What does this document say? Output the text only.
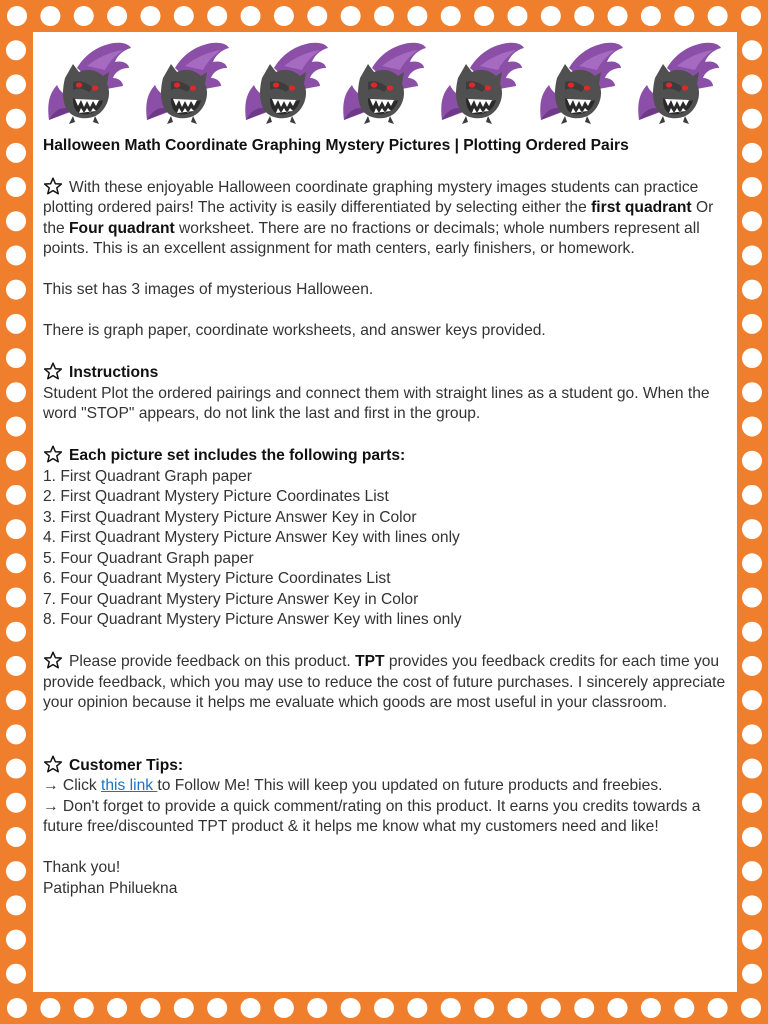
Halloween Math Coordinate Graphing Mystery Pictures | Plotting Ordered Pairs

With these enjoyable Halloween coordinate graphing mystery images students can practice plotting ordered pairs! The activity is easily differentiated by selecting either the first quadrant Or the Four quadrant worksheet. There are no fractions or decimals; whole numbers represent all points. This is an excellent assignment for math centers, early finishers, or homework.

This set has 3 images of mysterious Halloween.

There is graph paper, coordinate worksheets, and answer keys provided.

Instructions
Student Plot the ordered pairings and connect them with straight lines as a student go. When the word "STOP" appears, do not link the last and first in the group.

Each picture set includes the following parts:
1. First Quadrant Graph paper
2. First Quadrant Mystery Picture Coordinates List
3. First Quadrant Mystery Picture Answer Key in Color
4. First Quadrant Mystery Picture Answer Key with lines only
5. Four Quadrant Graph paper
6. Four Quadrant Mystery Picture Coordinates List
7. Four Quadrant Mystery Picture Answer Key in Color
8. Four Quadrant Mystery Picture Answer Key with lines only

Please provide feedback on this product. TPT provides you feedback credits for each time you provide feedback, which you may use to reduce the cost of future purchases. I sincerely appreciate your opinion because it helps me evaluate which goods are most useful in your classroom.

Customer Tips:
→ Click this link to Follow Me! This will keep you updated on future products and freebies.
→ Don't forget to provide a quick comment/rating on this product. It earns you credits towards a future free/discounted TPT product & it helps me know what my customers need and like!

Thank you!
Patiphan Philuekna
